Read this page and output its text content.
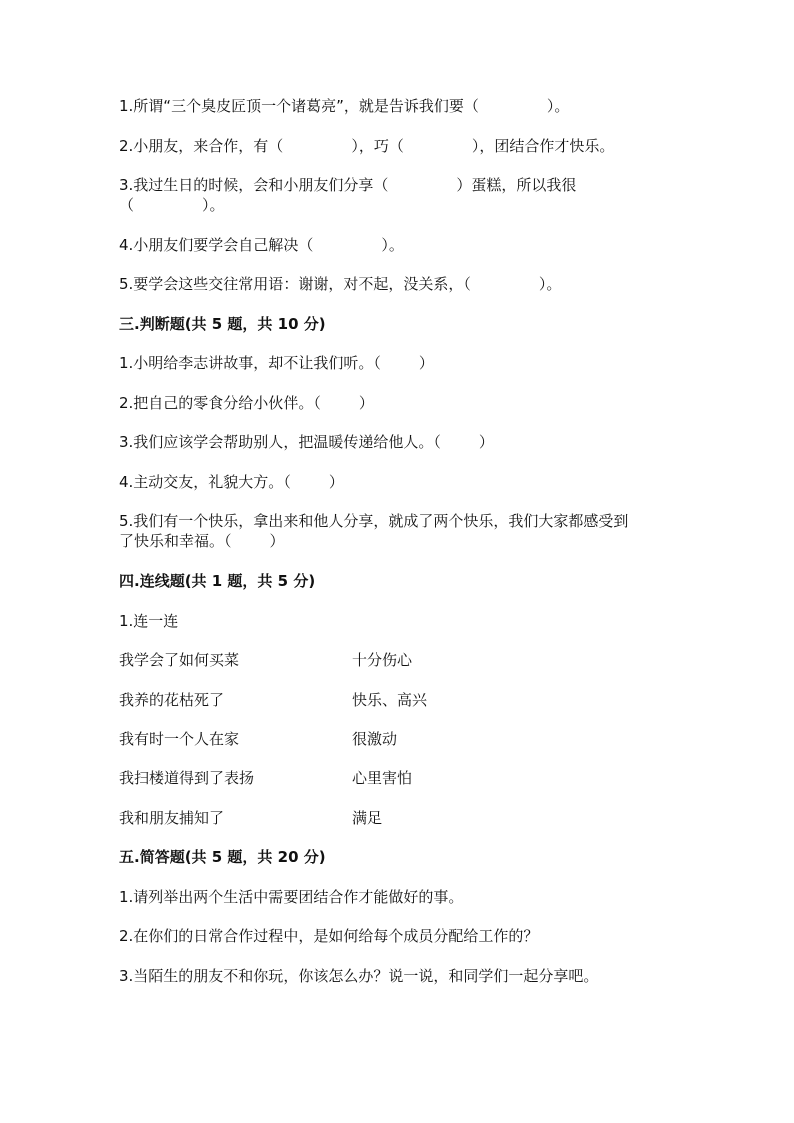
1.所谓“三个臭皮匠顶一个诸葛亮”，就是告诉我们要（	）。
2.小朋友，来合作，有（	），巧（	），团结合作才快乐。
3.我过生日的时候，会和小朋友们分享（	）蛋糕，所以我很
（	）。
4.小朋友们要学会自己解决（	）。
5.要学会这些交往常用语：谢谢，对不起，没关系，（	）。
三.判断题(共 5 题，共 10 分)
1.小明给李志讲故事，却不让我们听。（	）
2.把自己的零食分给小伙伴。（	）
3.我们应该学会帮助别人，把温暖传递给他人。（	）
4.主动交友，礼貌大方。（	）
5.我们有一个快乐，拿出来和他人分享，就成了两个快乐，我们大家都感受到
了快乐和幸福。（	）
四.连线题(共 1 题，共 5 分)
1.连一连
我学会了如何买菜	十分伤心
我养的花枯死了	快乐、高兴
我有时一个人在家	很激动
我扫楼道得到了表扬	心里害怕
我和朋友捕知了	满足
五.简答题(共 5 题，共 20 分)
1.请列举出两个生活中需要团结合作才能做好的事。
2.在你们的日常合作过程中，是如何给每个成员分配给工作的？
3.当陌生的朋友不和你玩，你该怎么办？说一说，和同学们一起分享吧。
